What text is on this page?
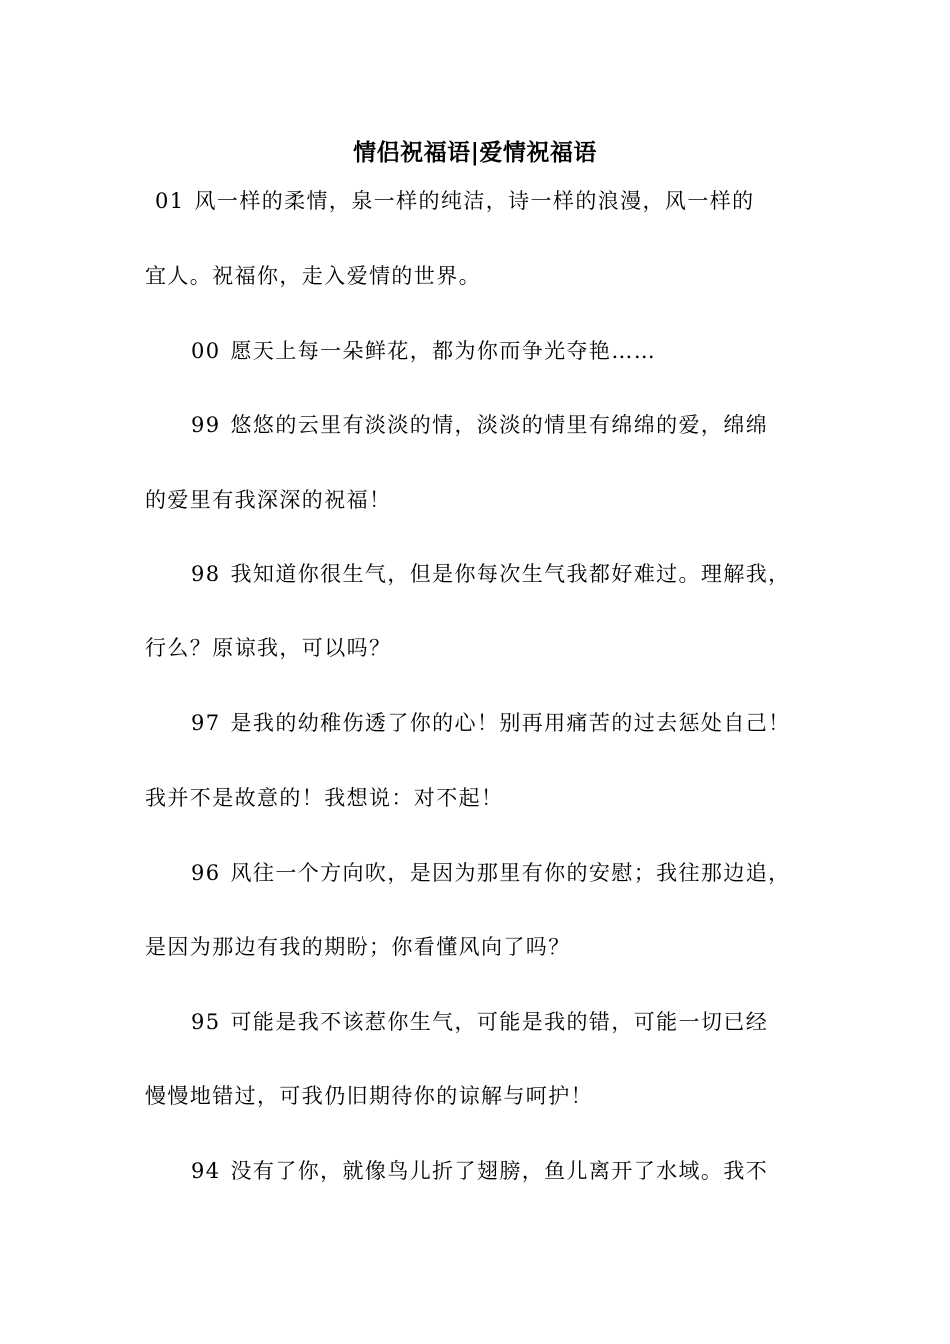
情侣祝福语|爱情祝福语
01 风一样的柔情，泉一样的纯洁，诗一样的浪漫，风一样的
宜人。祝福你，走入爱情的世界。
00 愿天上每一朵鲜花，都为你而争光夺艳……
99 悠悠的云里有淡淡的情，淡淡的情里有绵绵的爱，绵绵
的爱里有我深深的祝福！
98 我知道你很生气，但是你每次生气我都好难过。理解我，
行么？原谅我，可以吗？
97 是我的幼稚伤透了你的心！别再用痛苦的过去惩处自己！
我并不是故意的！我想说：对不起！
96 风往一个方向吹，是因为那里有你的安慰；我往那边追，
是因为那边有我的期盼；你看懂风向了吗？
95 可能是我不该惹你生气，可能是我的错，可能一切已经
慢慢地错过，可我仍旧期待你的谅解与呵护！
94 没有了你，就像鸟儿折了翅膀，鱼儿离开了水域。我不
